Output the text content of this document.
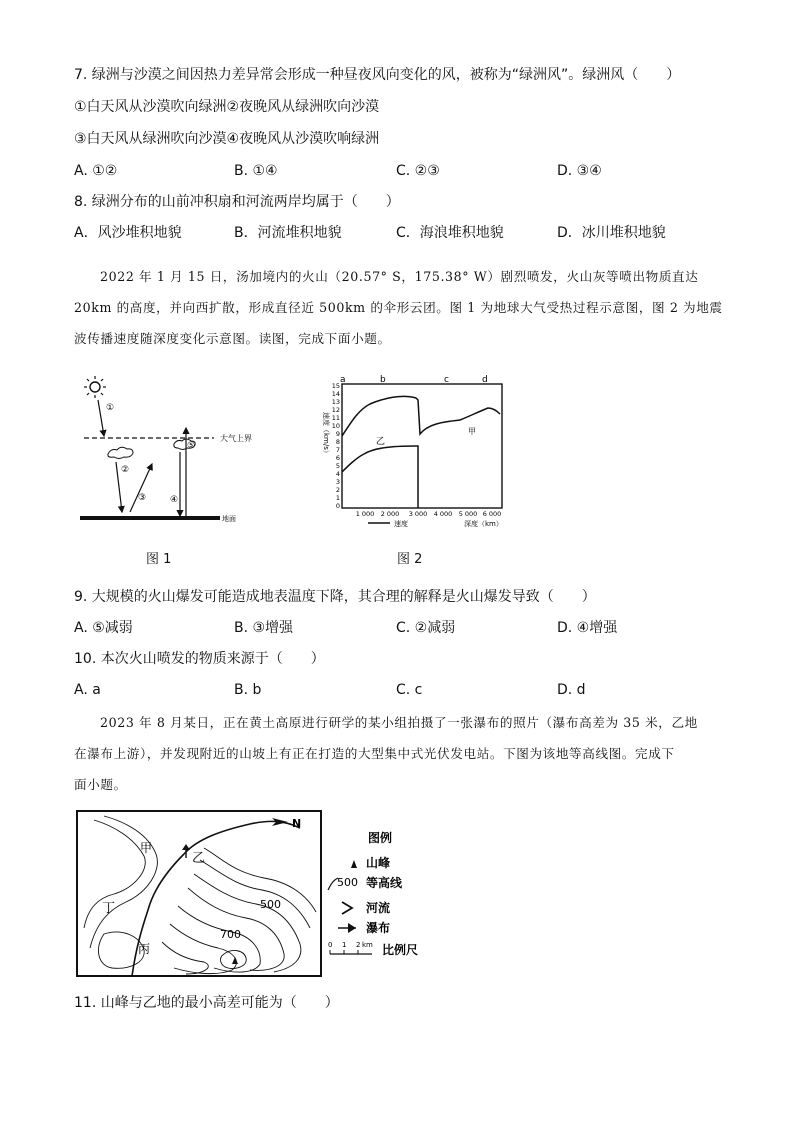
7. 绿洲与沙漠之间因热力差异常会形成一种昼夜风向变化的风，被称为“绿洲风”。绿洲风（　　）
①白天风从沙漠吹向绿洲②夜晚风从绿洲吹向沙漠
③白天风从绿洲吹向沙漠④夜晚风从沙漠吹响绿洲
A. ①②	B. ①④	C. ②③	D. ③④
8. 绿洲分布的山前冲积扇和河流两岸均属于（　　）
A．风沙堆积地貌	B．河流堆积地貌	C．海浪堆积地貌	D．冰川堆积地貌

2022 年 1 月 15 日，汤加境内的火山（20.57° S，175.38° W）剧烈喷发，火山灰等喷出物质直达

20km 的高度，并向西扩散，形成直径近 500km 的伞形云团。图 1 为地球大气受热过程示意图，图 2 为地震

波传播速度随深度变化示意图。读图，完成下面小题。

大气上界
①
②
③	④
⑤
地面
图 1
a	b	c	d
速度（km/s）
15
14
13
12
11
10
9
8
7
6
5
4
3
2
1
0
甲
乙
1 000 2 000 3 000 4 000 5 000 6 000
速度	深度（km）
图 2
9. 大规模的火山爆发可能造成地表温度下降，其合理的解释是火山爆发导致（　　）
A. ⑤减弱	B. ③增强	C. ②减弱	D. ④增强
10. 本次火山喷发的物质来源于（　　）
A. a	B. b	C. c	D. d

2023 年 8 月某日，正在黄土高原进行研学的某小组拍摄了一张瀑布的照片（瀑布高差为 35 米，乙地

在瀑布上游），并发现附近的山坡上有正在打造的大型集中式光伏发电站。下图为该地等高线图。完成下

面小题。

N
甲
乙
丁
丙
500
700
图例
山峰
500 等高线
河流
瀑布
0 1 2 km 比例尺
11. 山峰与乙地的最小高差可能为（　　）
